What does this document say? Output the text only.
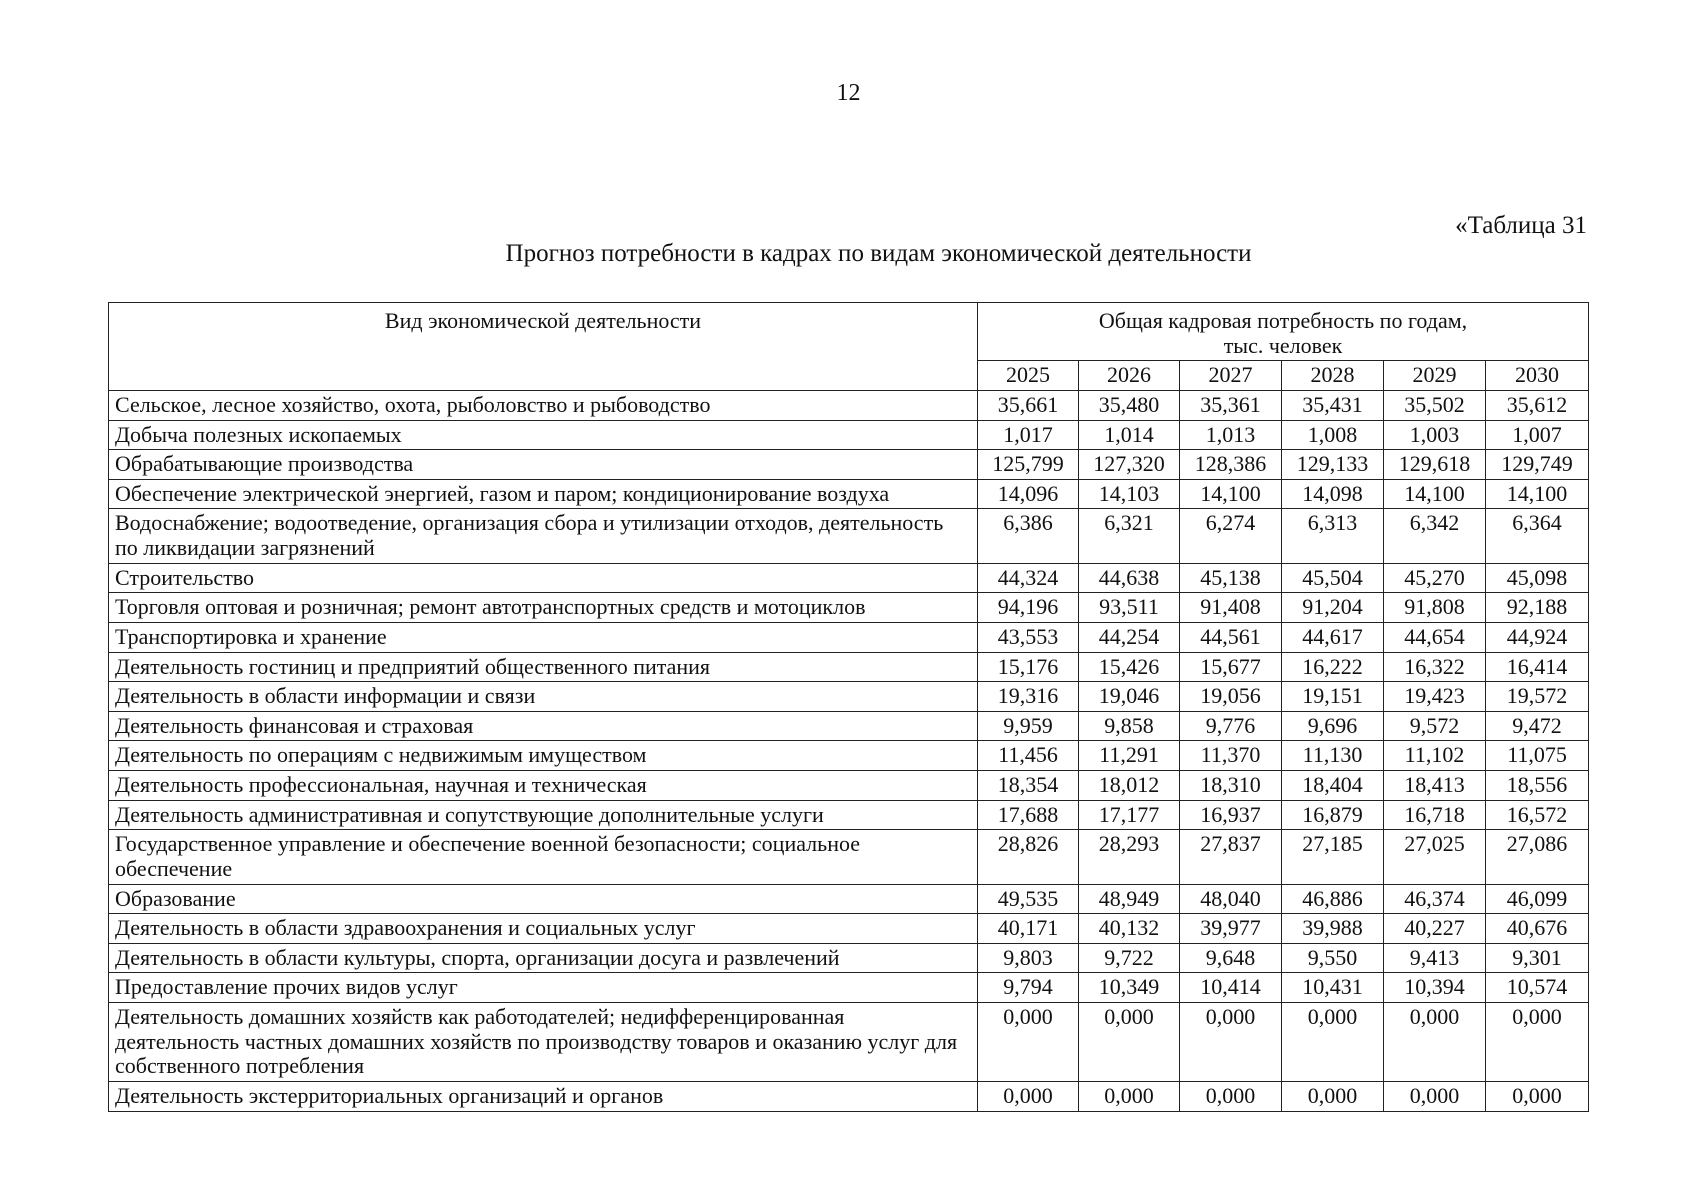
12
«Таблица 31
Прогноз потребности в кадрах по видам экономической деятельности
Вид экономической деятельности	Общая кадровая потребность по годам,
тыс. человек					

	2025	2026	2027	2028	2029	2030
Сельское, лесное хозяйство, охота, рыболовство и рыбоводство	35,661	35,480	35,361	35,431	35,502	35,612
Добыча полезных ископаемых	1,017	1,014	1,013	1,008	1,003	1,007
Обрабатывающие производства	125,799	127,320	128,386	129,133	129,618	129,749
Обеспечение электрической энергией, газом и паром; кондиционирование воздуха	14,096	14,103	14,100	14,098	14,100	14,100
Водоснабжение; водоотведение, организация сбора и утилизации отходов, деятельность по ликвидации загрязнений	6,386	6,321	6,274	6,313	6,342	6,364
Строительство	44,324	44,638	45,138	45,504	45,270	45,098
Торговля оптовая и розничная; ремонт автотранспортных средств и мотоциклов	94,196	93,511	91,408	91,204	91,808	92,188
Транспортировка и хранение	43,553	44,254	44,561	44,617	44,654	44,924
Деятельность гостиниц и предприятий общественного питания	15,176	15,426	15,677	16,222	16,322	16,414
Деятельность в области информации и связи	19,316	19,046	19,056	19,151	19,423	19,572
Деятельность финансовая и страховая	9,959	9,858	9,776	9,696	9,572	9,472
Деятельность по операциям с недвижимым имуществом	11,456	11,291	11,370	11,130	11,102	11,075
Деятельность профессиональная, научная и техническая	18,354	18,012	18,310	18,404	18,413	18,556
Деятельность административная и сопутствующие дополнительные услуги	17,688	17,177	16,937	16,879	16,718	16,572
Государственное управление и обеспечение военной безопасности; социальное обеспечение	28,826	28,293	27,837	27,185	27,025	27,086
Образование	49,535	48,949	48,040	46,886	46,374	46,099
Деятельность в области здравоохранения и социальных услуг	40,171	40,132	39,977	39,988	40,227	40,676
Деятельность в области культуры, спорта, организации досуга и развлечений	9,803	9,722	9,648	9,550	9,413	9,301
Предоставление прочих видов услуг	9,794	10,349	10,414	10,431	10,394	10,574
Деятельность домашних хозяйств как работодателей; недифференцированная деятельность частных домашних хозяйств по производству товаров и оказанию услуг для собственного потребления	0,000	0,000	0,000	0,000	0,000	0,000
Деятельность экстерриториальных организаций и органов	0,000	0,000	0,000	0,000	0,000	0,000
